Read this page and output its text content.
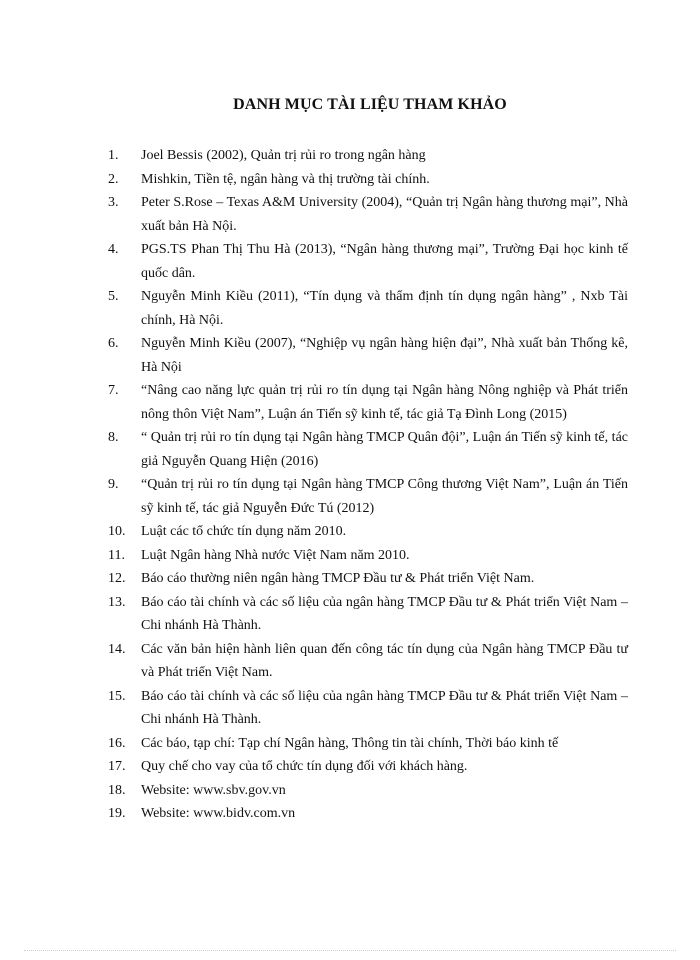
DANH MỤC TÀI LIỆU THAM KHẢO
1.	Joel Bessis (2002), Quản trị rủi ro trong ngân hàng
2.	Mishkin, Tiền tệ, ngân hàng và thị trường tài chính.
3.	Peter S.Rose – Texas A&M University (2004), “Quản trị Ngân hàng thương mại”, Nhà xuất bản Hà Nội.
4.	PGS.TS Phan Thị Thu Hà (2013), “Ngân hàng thương mại”, Trường Đại học kinh tế quốc dân.
5.	Nguyễn Minh Kiều (2011), “Tín dụng và thẩm định tín dụng ngân hàng” , Nxb Tài chính, Hà Nội.
6.	Nguyễn Minh Kiều (2007), “Nghiệp vụ ngân hàng hiện đại”, Nhà xuất bản Thống kê, Hà Nội
7.	“Nâng cao năng lực quản trị rủi ro tín dụng tại Ngân hàng Nông nghiệp và Phát triển nông thôn Việt Nam”, Luận án Tiến sỹ kinh tế, tác giả Tạ Đình Long (2015)
8.	“ Quản trị rủi ro tín dụng tại Ngân hàng TMCP Quân đội”, Luận án Tiến sỹ kinh tế, tác giả Nguyễn Quang Hiện (2016)
9.	“Quản trị rủi ro tín dụng tại Ngân hàng TMCP Công thương Việt Nam”, Luận án Tiến sỹ kinh tế, tác giả Nguyễn Đức Tú (2012)
10.	Luật các tổ chức tín dụng năm 2010.
11.	Luật Ngân hàng Nhà nước Việt Nam năm 2010.
12.	Báo cáo thường niên ngân hàng TMCP Đầu tư & Phát triển Việt Nam.
13.	Báo cáo tài chính và các số liệu của ngân hàng TMCP Đầu tư & Phát triển Việt Nam – Chi nhánh Hà Thành.
14.	Các văn bản hiện hành liên quan đến công tác tín dụng của Ngân hàng TMCP Đầu tư và Phát triển Việt Nam.
15.	Báo cáo tài chính và các số liệu của ngân hàng TMCP Đầu tư & Phát triển Việt Nam – Chi nhánh Hà Thành.
16.	Các báo, tạp chí: Tạp chí Ngân hàng, Thông tin tài chính, Thời báo kinh tế
17.	Quy chế cho vay của tổ chức tín dụng đối với khách hàng.
18.	Website: www.sbv.gov.vn
19.	Website: www.bidv.com.vn
